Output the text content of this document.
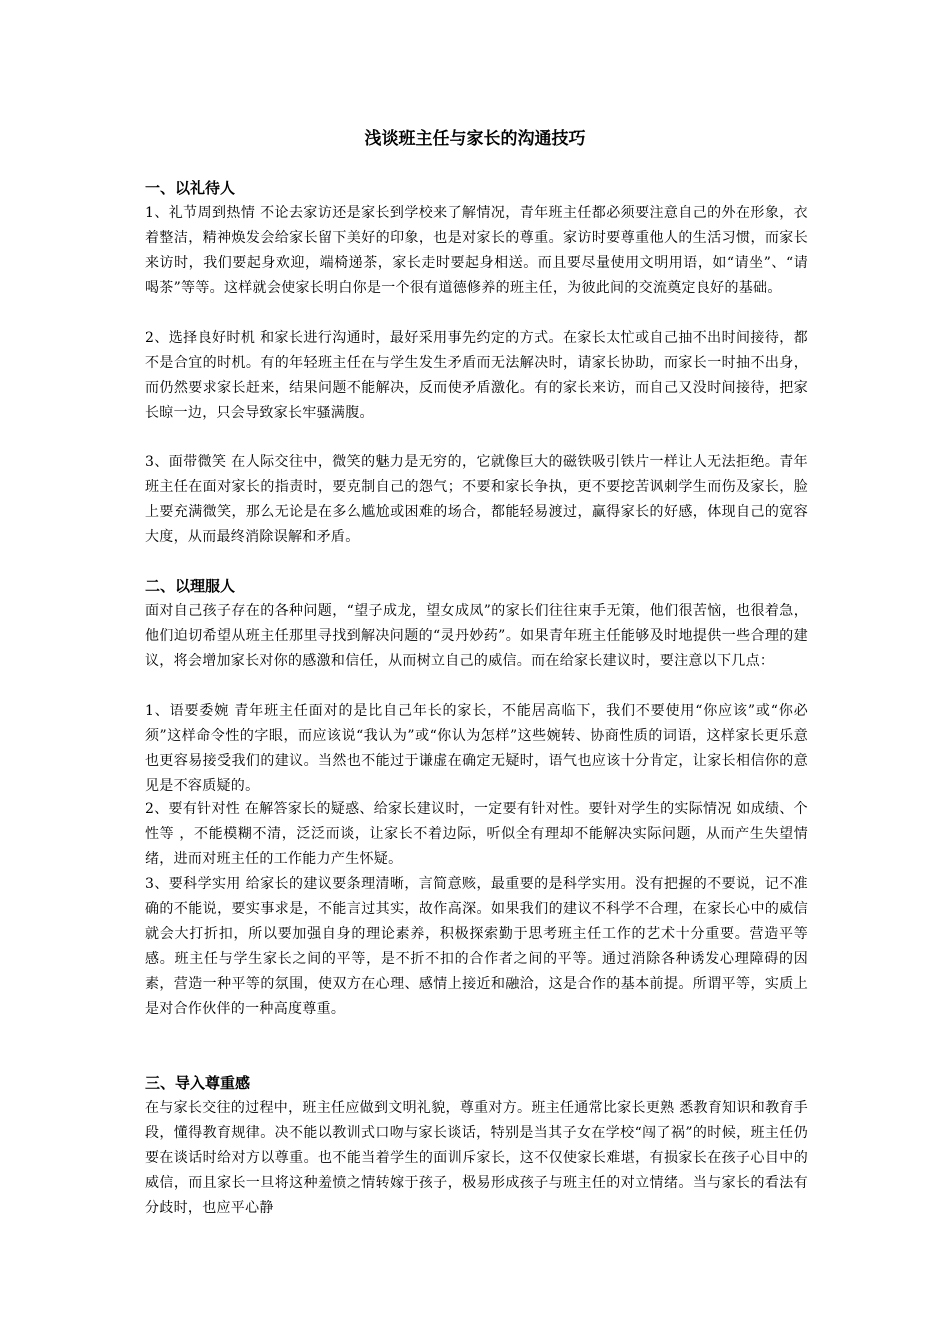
浅谈班主任与家长的沟通技巧
一、以礼待人

1、礼节周到热情 不论去家访还是家长到学校来了解情况，青年班主任都必须要注意自己的外在形象，衣着整洁，精神焕发会给家长留下美好的印象，也是对家长的尊重。家访时要尊重他人的生活习惯，而家长来访时，我们要起身欢迎，端椅递茶，家长走时要起身相送。而且要尽量使用文明用语，如“请坐”、“请喝茶”等等。这样就会使家长明白你是一个很有道德修养的班主任，为彼此间的交流奠定良好的基础。

2、选择良好时机 和家长进行沟通时，最好采用事先约定的方式。在家长太忙或自己抽不出时间接待，都不是合宜的时机。有的年轻班主任在与学生发生矛盾而无法解决时，请家长协助，而家长一时抽不出身，而仍然要求家长赶来，结果问题不能解决，反而使矛盾激化。有的家长来访，而自己又没时间接待，把家长晾一边，只会导致家长牢骚满腹。

3、面带微笑 在人际交往中，微笑的魅力是无穷的，它就像巨大的磁铁吸引铁片一样让人无法拒绝。青年班主任在面对家长的指责时，要克制自己的怨气；不要和家长争执，更不要挖苦讽刺学生而伤及家长，脸上要充满微笑，那么无论是在多么尴尬或困难的场合，都能轻易渡过，赢得家长的好感，体现自己的宽容大度，从而最终消除误解和矛盾。

二、以理服人

面对自己孩子存在的各种问题，“望子成龙，望女成凤”的家长们往往束手无策，他们很苦恼，也很着急，他们迫切希望从班主任那里寻找到解决问题的“灵丹妙药”。如果青年班主任能够及时地提供一些合理的建议，将会增加家长对你的感激和信任，从而树立自己的威信。而在给家长建议时，要注意以下几点：

1、语要委婉 青年班主任面对的是比自己年长的家长，不能居高临下，我们不要使用“你应该”或“你必须”这样命令性的字眼，而应该说“我认为”或“你认为怎样”这些婉转、协商性质的词语，这样家长更乐意也更容易接受我们的建议。当然也不能过于谦虚在确定无疑时，语气也应该十分肯定，让家长相信你的意见是不容质疑的。

2、要有针对性 在解答家长的疑惑、给家长建议时，一定要有针对性。要针对学生的实际情况 如成绩、个性等 ，不能模糊不清，泛泛而谈，让家长不着边际，听似全有理却不能解决实际问题，从而产生失望情绪，进而对班主任的工作能力产生怀疑。

3、要科学实用 给家长的建议要条理清晰，言简意赅，最重要的是科学实用。没有把握的不要说，记不准确的不能说，要实事求是，不能言过其实，故作高深。如果我们的建议不科学不合理，在家长心中的威信就会大打折扣，所以要加强自身的理论素养，积极探索勤于思考班主任工作的艺术十分重要。营造平等感。班主任与学生家长之间的平等，是不折不扣的合作者之间的平等。通过消除各种诱发心理障碍的因素，营造一种平等的氛围，使双方在心理、感情上接近和融洽，这是合作的基本前提。所谓平等，实质上是对合作伙伴的一种高度尊重。

三、导入尊重感

在与家长交往的过程中，班主任应做到文明礼貌，尊重对方。班主任通常比家长更熟 悉教育知识和教育手段，懂得教育规律。决不能以教训式口吻与家长谈话，特别是当其子女在学校“闯了祸”的时候，班主任仍要在谈话时给对方以尊重。也不能当着学生的面训斥家长，这不仅使家长难堪，有损家长在孩子心目中的威信，而且家长一旦将这种羞愤之情转嫁于孩子，极易形成孩子与班主任的对立情绪。当与家长的看法有分歧时，也应平心静
